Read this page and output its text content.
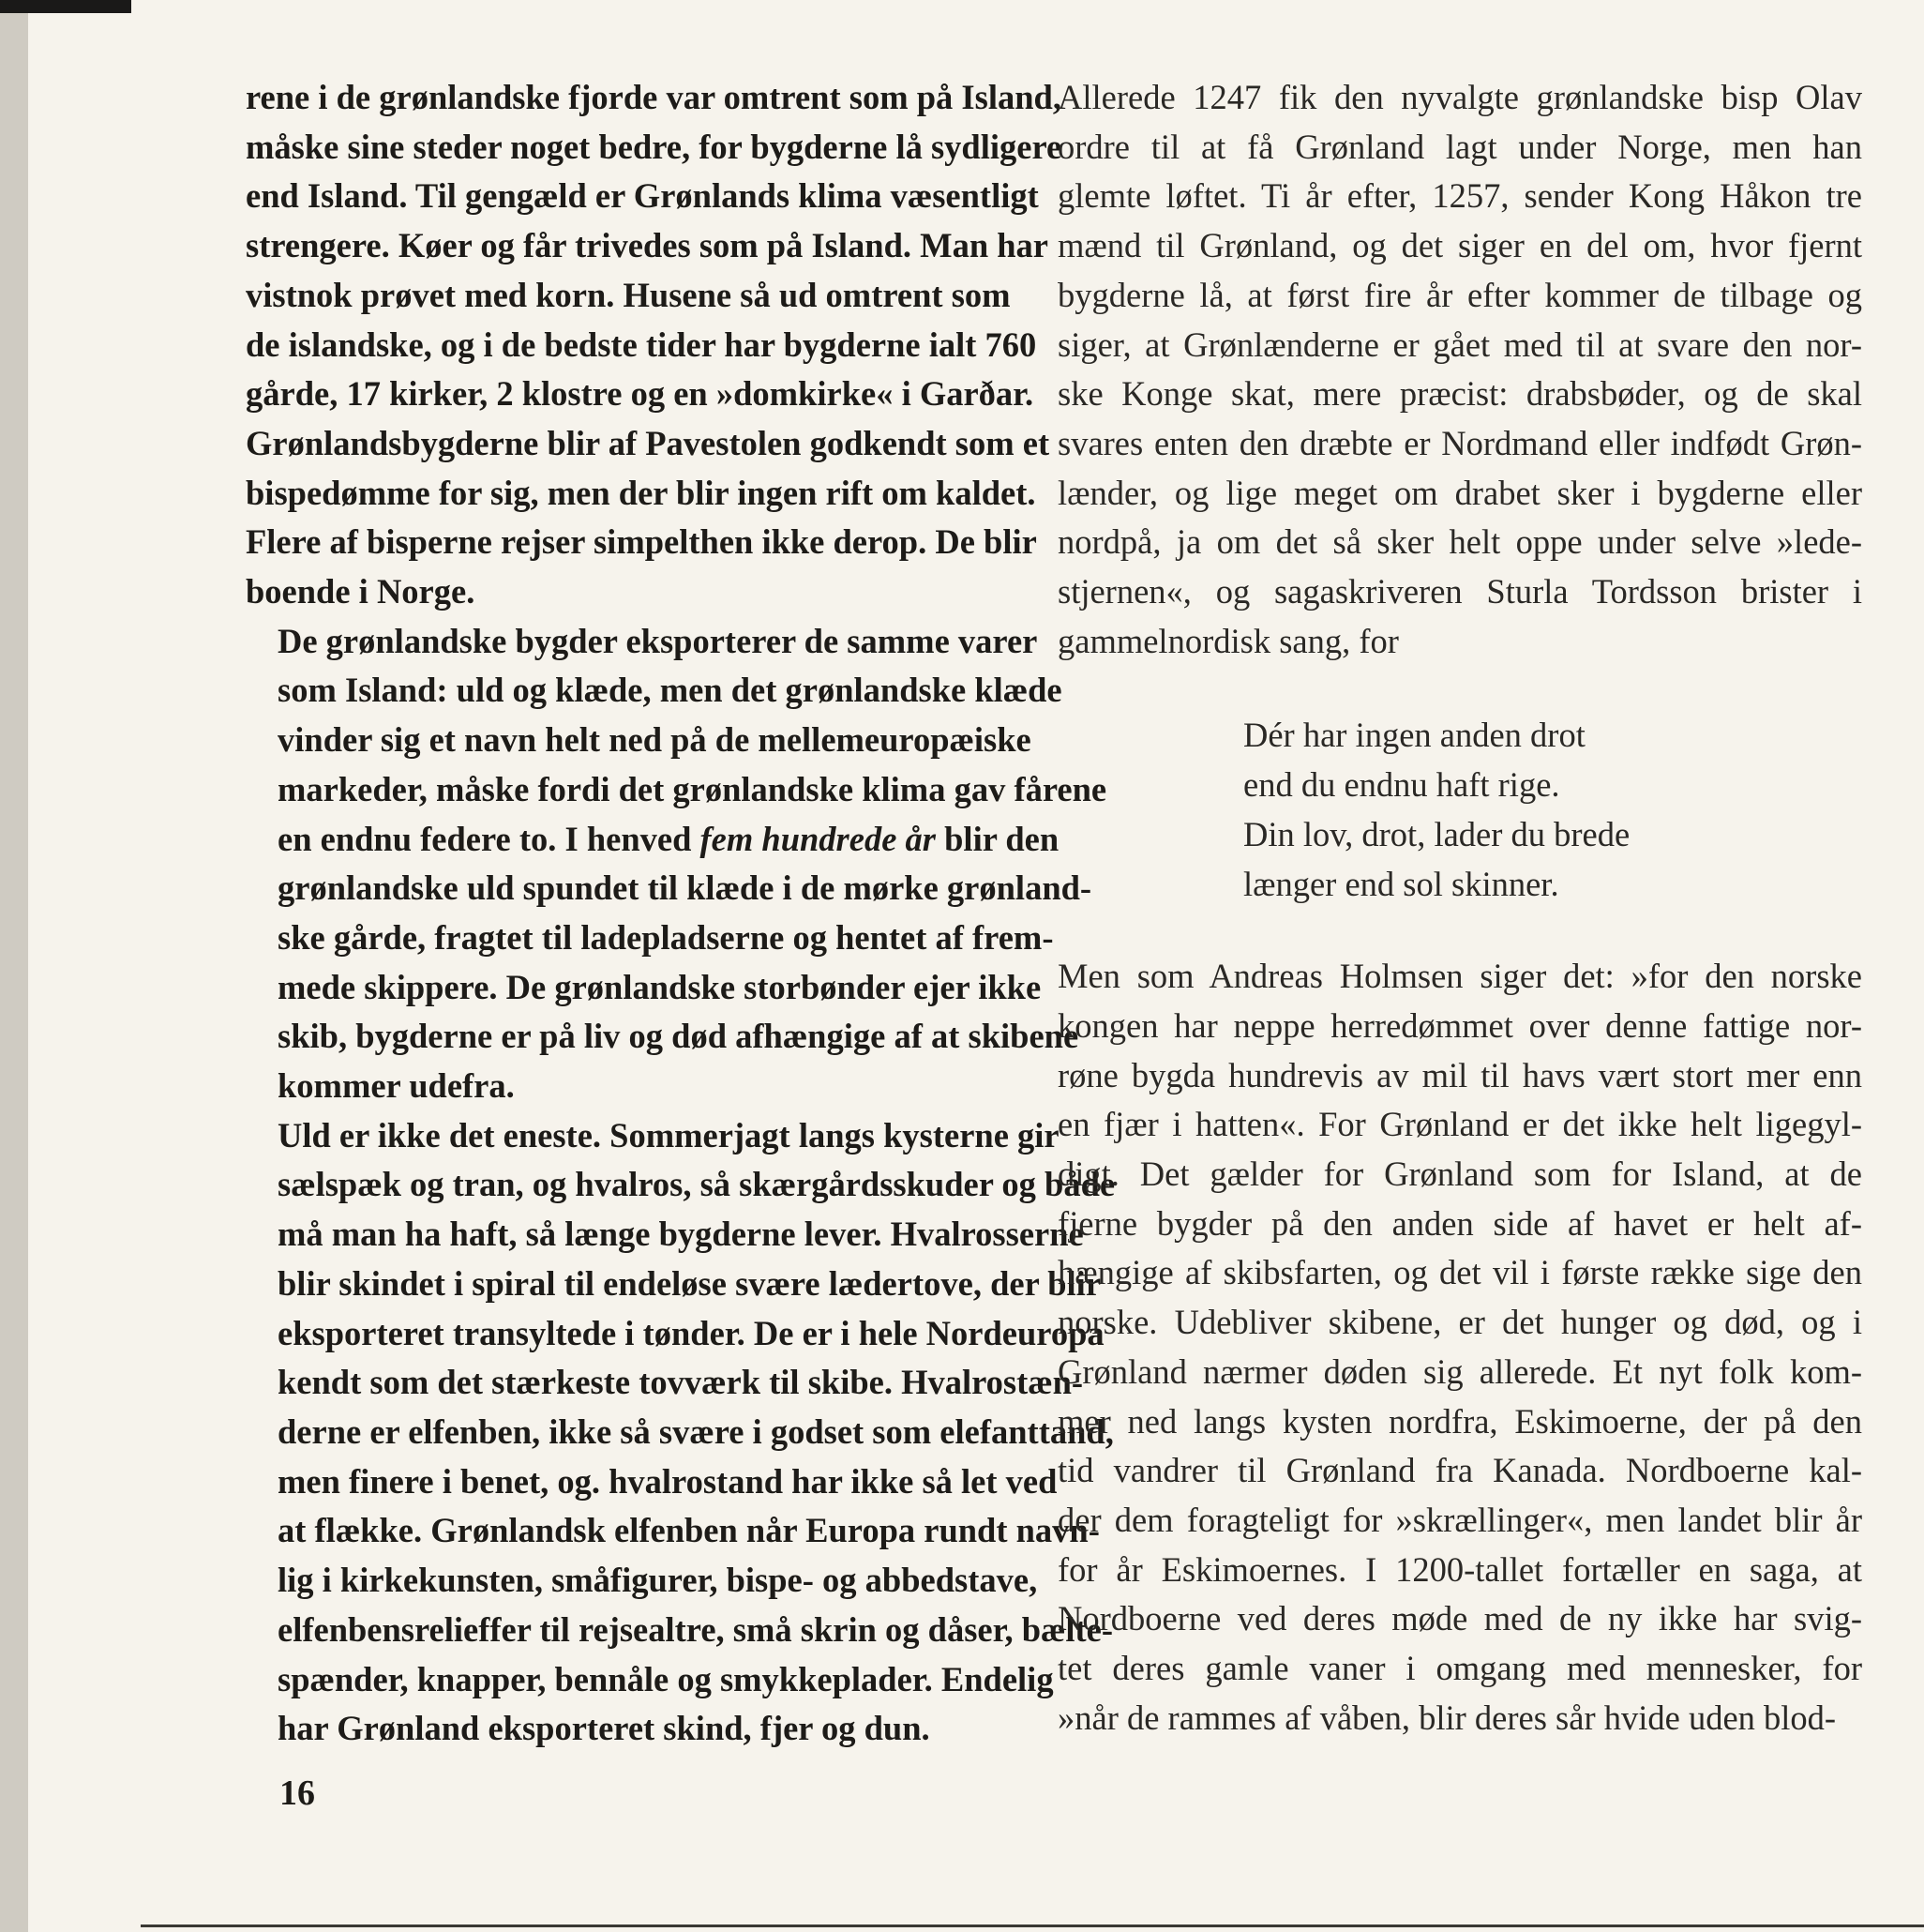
rene i de grønlandske fjorde var omtrent som på Island,
måske sine steder noget bedre, for bygderne lå sydligere
end Island. Til gengæld er Grønlands klima væsentligt
strengere. Køer og får trivedes som på Island. Man har
vistnok prøvet med korn. Husene så ud omtrent som
de islandske, og i de bedste tider har bygderne ialt 760
gårde, 17 kirker, 2 klostre og en »domkirke« i Garðar.
Grønlandsbygderne blir af Pavestolen godkendt som et
bispedømme for sig, men der blir ingen rift om kaldet.
Flere af bisperne rejser simpelthen ikke derop. De blir
boende i Norge.

De grønlandske bygder eksporterer de samme varer
som Island: uld og klæde, men det grønlandske klæde
vinder sig et navn helt ned på de mellemeuropæiske
markeder, måske fordi det grønlandske klima gav fårene
en endnu federe to. I henved fem hundrede år blir den
grønlandske uld spundet til klæde i de mørke grønland-
ske gårde, fragtet til ladepladserne og hentet af frem-
mede skippere. De grønlandske storbønder ejer ikke
skib, bygderne er på liv og død afhængige af at skibene
kommer udefra.

Uld er ikke det eneste. Sommerjagt langs kysterne gir
sælspæk og tran, og hvalros, så skærgårdsskuder og både
må man ha haft, så længe bygderne lever. Hvalrosserne
blir skindet i spiral til endeløse svære lædertove, der blir
eksporteret transyltede i tønder. De er i hele Nordeuropa
kendt som det stærkeste tovværk til skibe. Hvalrostæn-
derne er elfenben, ikke så svære i godset som elefanttand,
men finere i benet, og. hvalrostand har ikke så let ved
at flække. Grønlandsk elfenben når Europa rundt navn-
lig i kirkekunsten, småfigurer, bispe- og abbedstave,
elfenbensrelieffer til rejsealtre, små skrin og dåser, bælte-
spænder, knapper, bennåle og smykkeplader. Endelig
har Grønland eksporteret skind, fjer og dun.

Allerede 1247 fik den nyvalgte grønlandske bisp Olav
ordre til at få Grønland lagt under Norge, men han
glemte løftet. Ti år efter, 1257, sender Kong Håkon tre
mænd til Grønland, og det siger en del om, hvor fjernt
bygderne lå, at først fire år efter kommer de tilbage og
siger, at Grønlænderne er gået med til at svare den nor-
ske Konge skat, mere præcist: drabsbøder, og de skal
svares enten den dræbte er Nordmand eller indfødt Grøn-
lænder, og lige meget om drabet sker i bygderne eller
nordpå, ja om det så sker helt oppe under selve »lede-
stjernen«, og sagaskriveren Sturla Tordsson brister i
gammelnordisk sang, for

Dér har ingen anden drot
end du endnu haft rige.
Din lov, drot, lader du brede
længer end sol skinner.

Men som Andreas Holmsen siger det: »for den norske
kongen har neppe herredømmet over denne fattige nor-
røne bygda hundrevis av mil til havs vært stort mer enn
en fjær i hatten«. For Grønland er det ikke helt ligegyl-
digt. Det gælder for Grønland som for Island, at de
fjerne bygder på den anden side af havet er helt af-
hængige af skibsfarten, og det vil i første række sige den
norske. Udebliver skibene, er det hunger og død, og i
Grønland nærmer døden sig allerede. Et nyt folk kom-
mer ned langs kysten nordfra, Eskimoerne, der på den
tid vandrer til Grønland fra Kanada. Nordboerne kal-
der dem foragteligt for »skrællinger«, men landet blir år
for år Eskimoernes. I 1200-tallet fortæller en saga, at
Nordboerne ved deres møde med de ny ikke har svig-
tet deres gamle vaner i omgang med mennesker, for
»når de rammes af våben, blir deres sår hvide uden blod-

16
